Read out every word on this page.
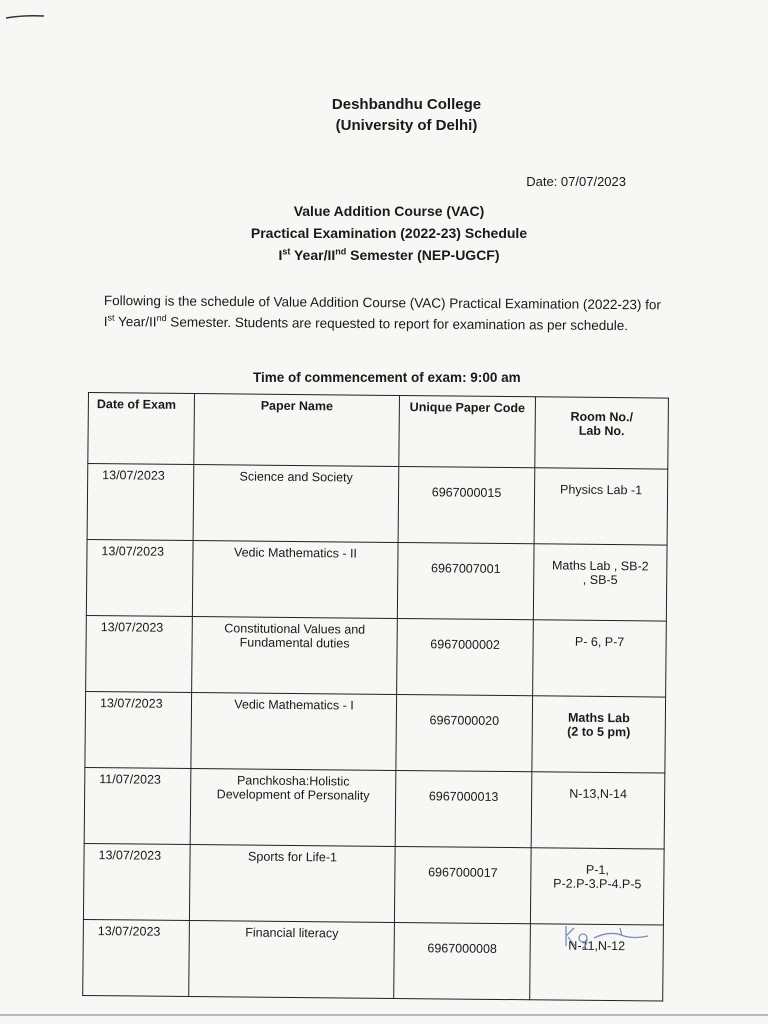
Deshbandhu College
(University of Delhi)
Date: 07/07/2023
Value Addition Course (VAC)
Practical Examination (2022-23) Schedule
Ist Year/IInd Semester (NEP-UGCF)
Following is the schedule of Value Addition Course (VAC) Practical Examination (2022-23) for
Ist Year/IInd Semester. Students are requested to report for examination as per schedule.
Time of commencement of exam: 9:00 am
Date of Exam	Paper Name	Unique Paper Code	Room No./
Lab No.

13/07/2023	Science and Society	6967000015	Physics Lab -1

13/07/2023	Vedic Mathematics - II	6967007001	Maths Lab , SB-2
, SB-5

13/07/2023	Constitutional Values and
Fundamental duties	6967000002	P- 6, P-7

13/07/2023	Vedic Mathematics - I	6967000020	Maths Lab
(2 to 5 pm)

11/07/2023	Panchkosha:Holistic
Development of Personality	6967000013	N-13,N-14

13/07/2023	Sports for Life-1	6967000017	P-1,
P-2.P-3.P-4.P-5

13/07/2023	Financial literacy	6967000008	N-11,N-12
